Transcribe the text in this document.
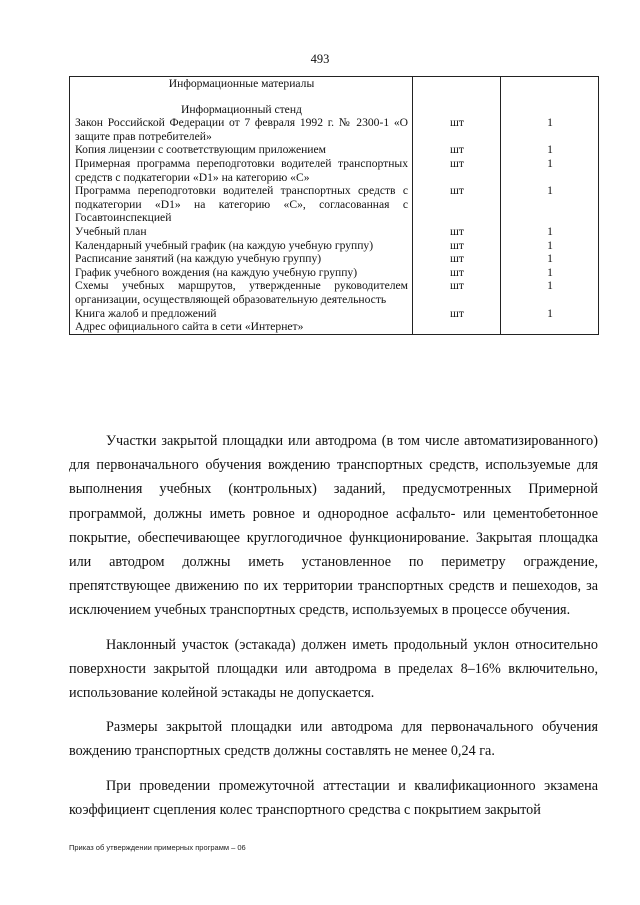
493
Информационные материалы
Информационный стенд		

Закон Российской Федерации от 7 февраля 1992 г. № 2300-1 «О защите прав потребителей»	шт	1
Копия лицензии с соответствующим приложением	шт	1
Примерная программа переподготовки водителей транспортных средств с подкатегории «D1» на категорию «С»	шт	1
Программа переподготовки водителей транспортных средств с подкатегории «D1» на категорию «С», согласованная с Госавтоинспекцией	шт	1
Учебный план	шт	1
Календарный учебный график (на каждую учебную группу)	шт	1
Расписание занятий (на каждую учебную группу)	шт	1
График учебного вождения (на каждую учебную группу)	шт	1
Схемы учебных маршрутов, утвержденные руководителем организации, осуществляющей образовательную деятельность	шт	1
Книга жалоб и предложений	шт	1
Адрес официального сайта в сети «Интернет»		

Участки закрытой площадки или автодрома (в том числе автоматизированного) для первоначального обучения вождению транспортных средств, используемые для выполнения учебных (контрольных) заданий, предусмотренных Примерной программой, должны иметь ровное и однородное асфальто- или цементобетонное покрытие, обеспечивающее круглогодичное функционирование. Закрытая площадка или автодром должны иметь установленное по периметру ограждение, препятствующее движению по их территории транспортных средств и пешеходов, за исключением учебных транспортных средств, используемых в процессе обучения.

Наклонный участок (эстакада) должен иметь продольный уклон относительно поверхности закрытой площадки или автодрома в пределах 8–16% включительно, использование колейной эстакады не допускается.

Размеры закрытой площадки или автодрома для первоначального обучения вождению транспортных средств должны составлять не менее 0,24 га.

При проведении промежуточной аттестации и квалификационного экзамена коэффициент сцепления колес транспортного средства с покрытием закрытой

Приказ об утверждении примерных программ – 06
